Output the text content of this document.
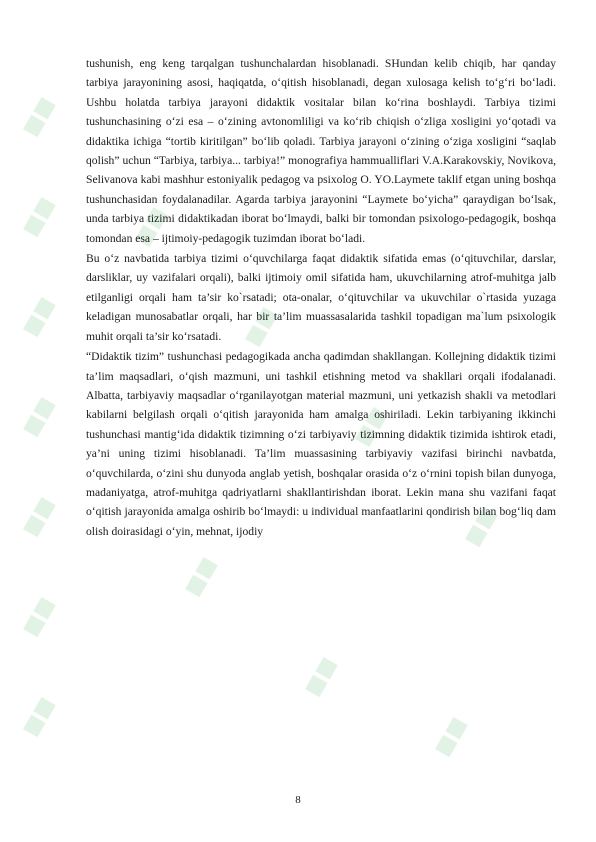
■■
■■
■■
■■
■■
■■
■■
■■
■■
■■
■■
■■
■■
■■

tushunish, eng keng tarqalgan tushunchalardan hisoblanadi. SHundan kelib chiqib, har qanday tarbiya jarayonining asosi, haqiqatda, o‘qitish hisoblanadi, degan xulosaga kelish to‘g‘ri bo‘ladi. Ushbu holatda tarbiya jarayoni didaktik vositalar bilan ko‘rina boshlaydi. Tarbiya tizimi tushunchasining o‘zi esa – o‘zining avtonomliligi va ko‘rib chiqish o‘zliga xosligini yo‘qotadi va didaktika ichiga “tortib kiritilgan” bo‘lib qoladi. Tarbiya jarayoni o‘zining o‘ziga xosligini “saqlab qolish” uchun “Tarbiya, tarbiya... tarbiya!” monografiya hammualliflari V.A.Karakovskiy, Novikova, Selivanova kabi mashhur estoniyalik pedagog va psixolog O. YO.Laymete taklif etgan uning boshqa tushunchasidan foydalanadilar. Agarda tarbiya jarayonini “Laymete bo‘yicha” qaraydigan bo‘lsak, unda tarbiya tizimi didaktikadan iborat bo‘lmaydi, balki bir tomondan psixologo-pedagogik, boshqa tomondan esa – ijtimoiy-pedagogik tuzimdan iborat bo‘ladi.

Bu o‘z navbatida tarbiya tizimi o‘quvchilarga faqat didaktik sifatida emas (o‘qituvchilar, darslar, darsliklar, uy vazifalari orqali), balki ijtimoiy omil sifatida ham, ukuvchilarning atrof-muhitga jalb etilganligi orqali ham ta’sir ko`rsatadi; ota-onalar, o‘qituvchilar va ukuvchilar o`rtasida yuzaga keladigan munosabatlar orqali, har bir ta’lim muassasalarida tashkil topadigan ma`lum psixologik muhit orqali ta’sir ko‘rsatadi.

“Didaktik tizim” tushunchasi pedagogikada ancha qadimdan shakllangan. Kollejning didaktik tizimi ta’lim maqsadlari, o‘qish mazmuni, uni tashkil etishning metod va shakllari orqali ifodalanadi. Albatta, tarbiyaviy maqsadlar o‘rganilayotgan material mazmuni, uni yetkazish shakli va metodlari kabilarni belgilash orqali o‘qitish jarayonida ham amalga oshiriladi. Lekin tarbiyaning ikkinchi tushunchasi mantig‘ida didaktik tizimning o‘zi tarbiyaviy tizimning didaktik tizimida ishtirok etadi, ya’ni uning tizimi hisoblanadi. Ta’lim muassasining tarbiyaviy vazifasi birinchi navbatda, o‘quvchilarda, o‘zini shu dunyoda anglab yetish, boshqalar orasida o‘z o‘rnini topish bilan dunyoga, madaniyatga, atrof-muhitga qadriyatlarni shakllantirishdan iborat. Lekin mana shu vazifani faqat o‘qitish jarayonida amalga oshirib bo‘lmaydi: u individual manfaatlarini qondirish bilan bog‘liq dam olish doirasidagi o‘yin, mehnat, ijodiy

8
